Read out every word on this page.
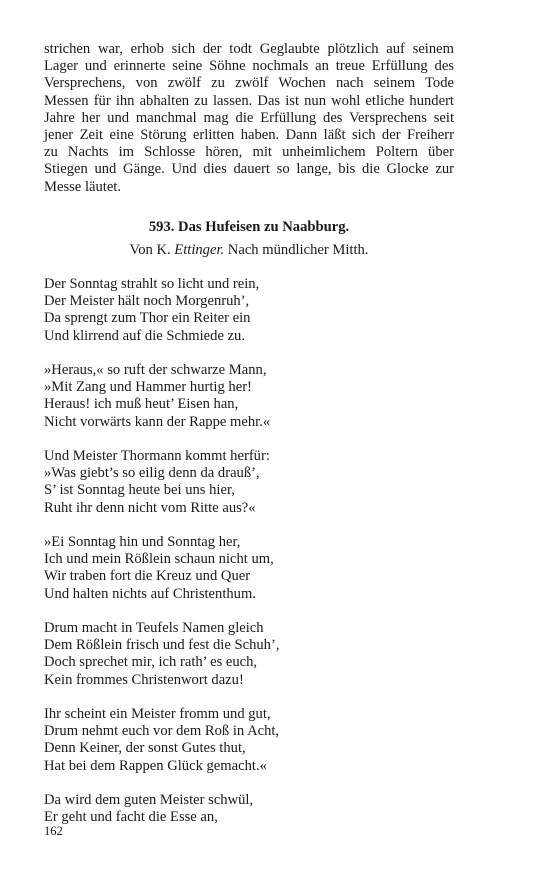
strichen war, erhob sich der todt Geglaubte plötzlich auf seinem
Lager und erinnerte seine Söhne nochmals an treue Erfüllung des
Versprechens, von zwölf zu zwölf Wochen nach seinem Tode
Messen für ihn abhalten zu lassen. Das ist nun wohl etliche hundert
Jahre her und manchmal mag die Erfüllung des Versprechens seit
jener Zeit eine Störung erlitten haben. Dann läßt sich der Freiherr
zu Nachts im Schlosse hören, mit unheimlichem Poltern über
Stiegen und Gänge. Und dies dauert so lange, bis die Glocke zur
Messe läutet.
593. Das Hufeisen zu Naabburg.
Von K. Ettinger. Nach mündlicher Mitth.
Der Sonntag strahlt so licht und rein,
Der Meister hält noch Morgenruh’,
Da sprengt zum Thor ein Reiter ein
Und klirrend auf die Schmiede zu.
»Heraus,« so ruft der schwarze Mann,
»Mit Zang und Hammer hurtig her!
Heraus! ich muß heut’ Eisen han,
Nicht vorwärts kann der Rappe mehr.«
Und Meister Thormann kommt herfür:
»Was giebt’s so eilig denn da drauß’,
S’ ist Sonntag heute bei uns hier,
Ruht ihr denn nicht vom Ritte aus?«
»Ei Sonntag hin und Sonntag her,
Ich und mein Rößlein schaun nicht um,
Wir traben fort die Kreuz und Quer
Und halten nichts auf Christenthum.
Drum macht in Teufels Namen gleich
Dem Rößlein frisch und fest die Schuh’,
Doch sprechet mir, ich rath’ es euch,
Kein frommes Christenwort dazu!
Ihr scheint ein Meister fromm und gut,
Drum nehmt euch vor dem Roß in Acht,
Denn Keiner, der sonst Gutes thut,
Hat bei dem Rappen Glück gemacht.«
Da wird dem guten Meister schwül,
Er geht und facht die Esse an,
162
